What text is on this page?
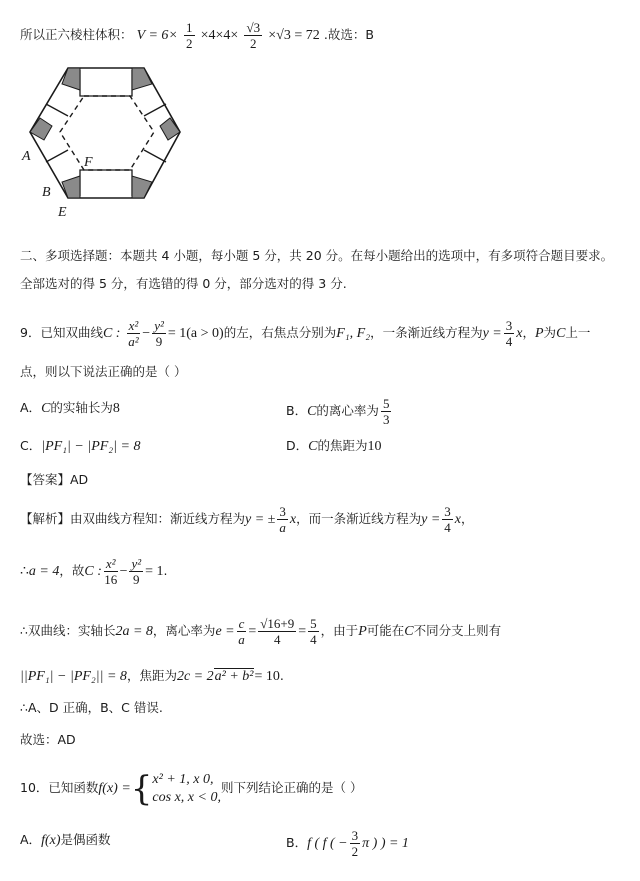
所以正六棱柱体积： $V = 6\times \frac{1}{2} \times 4\times 4\times \frac{√3}{2} \times√3 = 72$ .故选：B
A
B
E
F
二、多项选择题：本题共 4 小题，每小题 5 分，共 20 分。在每小题给出的选项中，有多项符合题目要求。
全部选对的得 5 分，有选错的得 0 分，部分选对的得 3 分.
9．已知双曲线C : $\frac{\text{x²}}{\text{a²}} - \frac{\text{y²}}{9} = 1(a > 0)$的左，右焦点分别为F₁, F₂，一条渐近线方程为$y = \frac{3}{4}$ x，P为C上一
点，则以下说法正确的是（ ）
A．C的实轴长为8	B．C的离心率为 $\frac{5}{3}$
C．|PF₁| − |PF₂| = 8	D．C的焦距为10
【答案】AD
【解析】由双曲线方程知：渐近线方程为y = ± $\frac{3}{a}$ x，而一条渐近线方程为$y = \frac{3}{4}$ x，
∴a = 4，故C : $\frac{\text{x²}}{16} - \frac{\text{y²}}{9} = 1$.
∴双曲线：实轴长2a = 8，离心率为$e = \frac{c}{a} = \frac{√16+9}{4} = \frac{5}{4}$ ，由于P可能在C不同分支上则有
||PF₁| − |PF₂|| = 8，焦距为2c = 2a² + b²= 10.
∴A、D 正确，B、C 错误.
故选：AD
10．已知函数f(x) ={ x² + 1, x 0,
cos x, x < 0,
则下列结论正确的是（ ）
A．f(x)是偶函数	B．f ( f ( − $\frac{3}{2}$ π ) ) = 1
